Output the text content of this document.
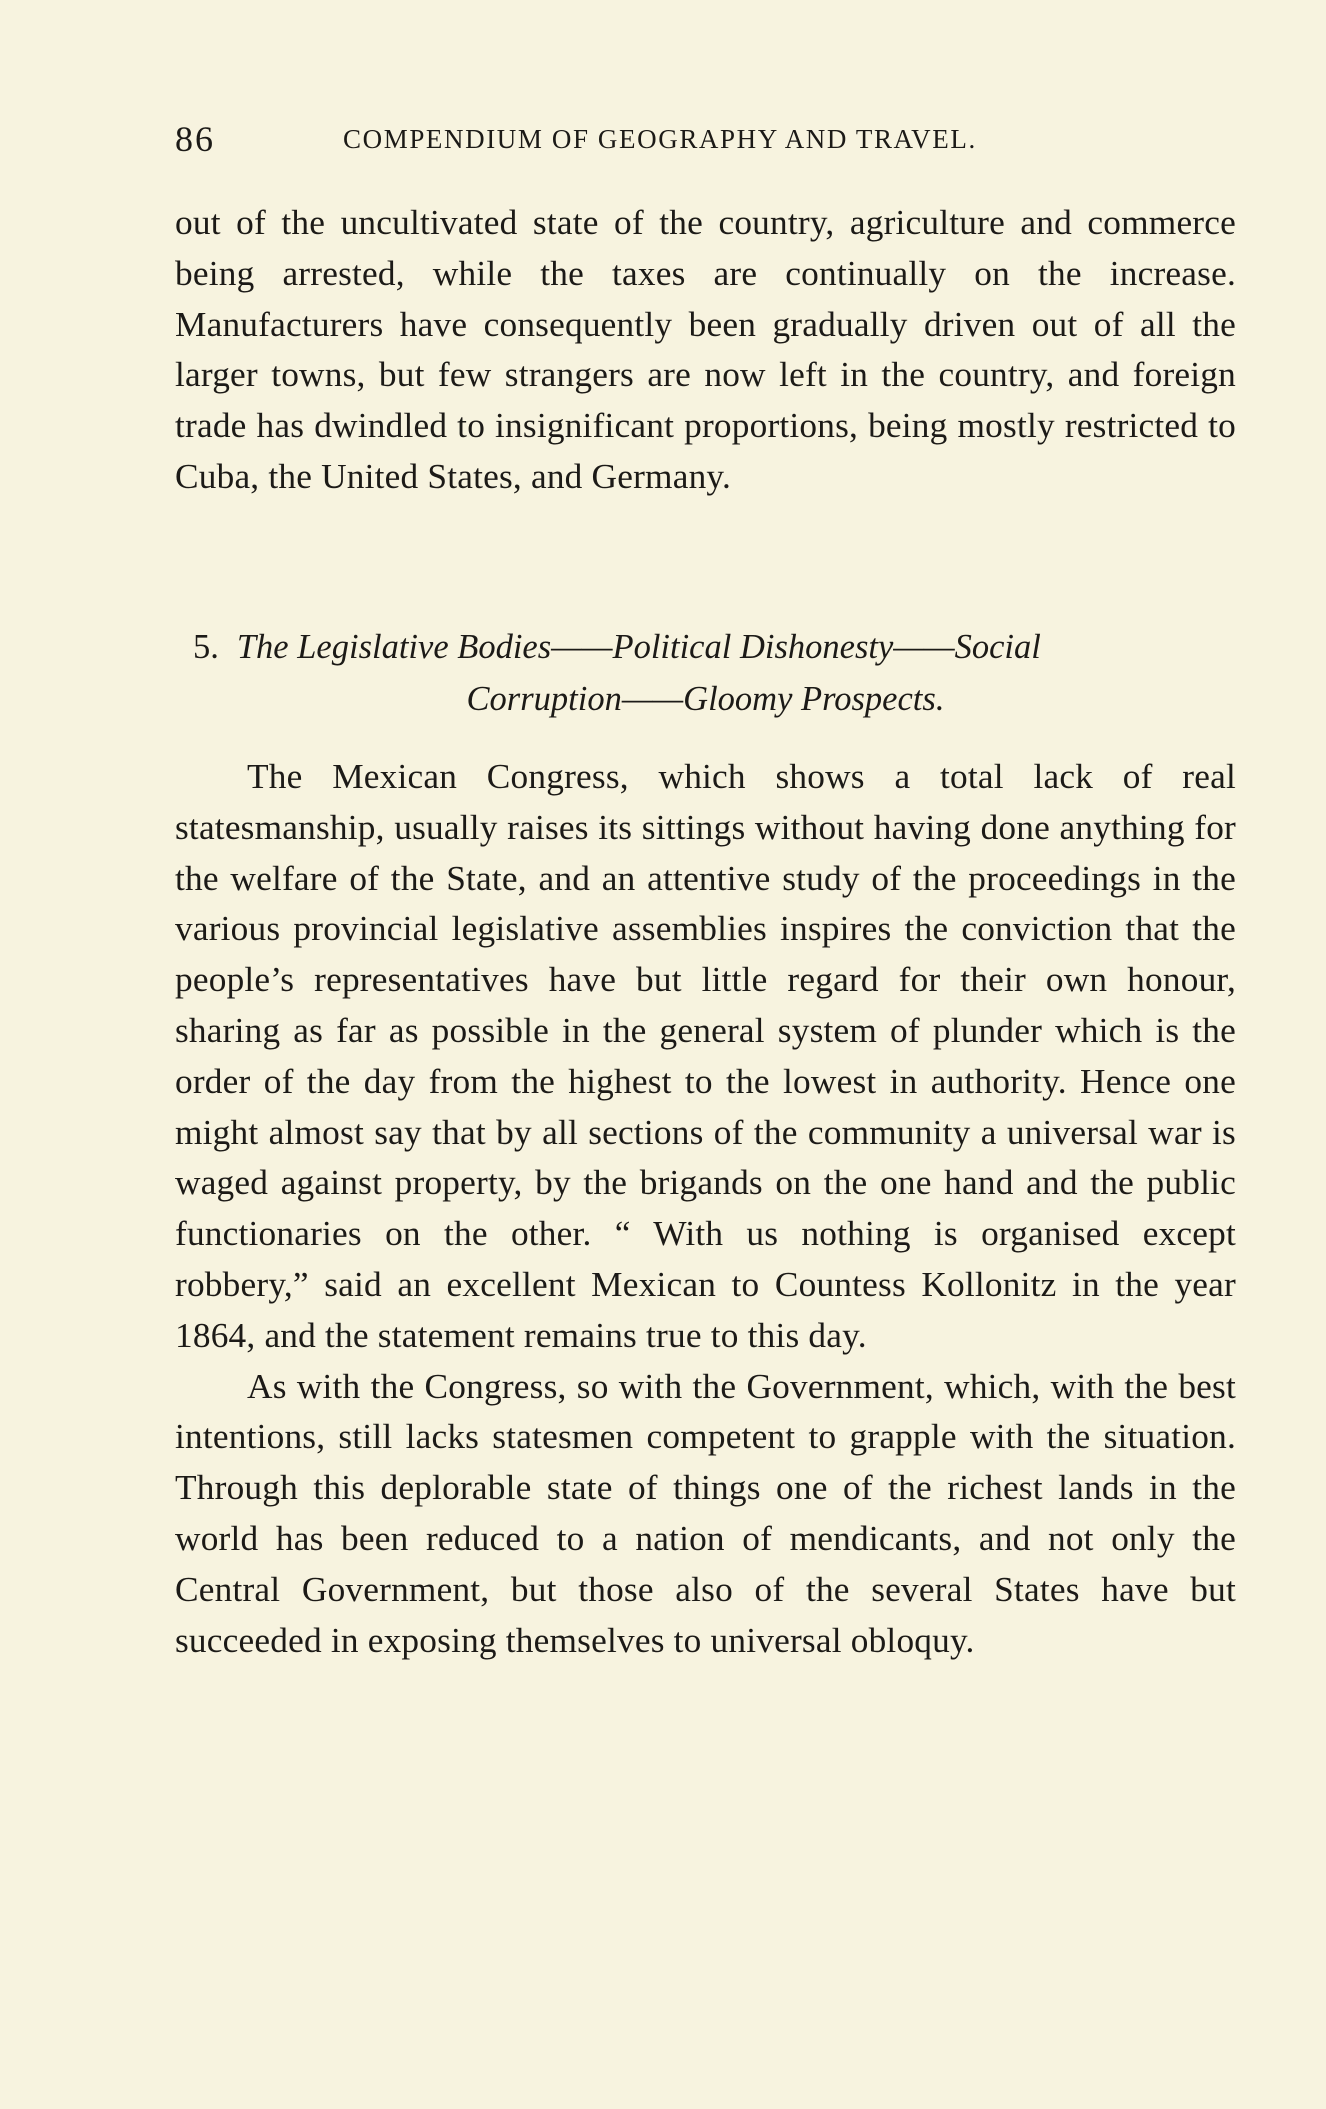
86	COMPENDIUM OF GEOGRAPHY AND TRAVEL.

out of the uncultivated state of the country, agriculture and commerce being arrested, while the taxes are continually on the increase. Manufacturers have consequently been gradually driven out of all the larger towns, but few strangers are now left in the country, and foreign trade has dwindled to insignificant proportions, being mostly restricted to Cuba, the United States, and Germany.

5. The Legislative Bodies——Political Dishonesty——Social
Corruption——Gloomy Prospects.

The Mexican Congress, which shows a total lack of real statesmanship, usually raises its sittings without having done anything for the welfare of the State, and an attentive study of the proceedings in the various provincial legislative assemblies inspires the conviction that the people’s representatives have but little regard for their own honour, sharing as far as possible in the general system of plunder which is the order of the day from the highest to the lowest in authority. Hence one might almost say that by all sections of the community a universal war is waged against property, by the brigands on the one hand and the public functionaries on the other. “ With us nothing is organised except robbery,” said an excellent Mexican to Countess Kollonitz in the year 1864, and the statement remains true to this day.

As with the Congress, so with the Government, which, with the best intentions, still lacks statesmen competent to grapple with the situation. Through this deplorable state of things one of the richest lands in the world has been reduced to a nation of mendicants, and not only the Central Government, but those also of the several States have but succeeded in exposing themselves to universal obloquy.
